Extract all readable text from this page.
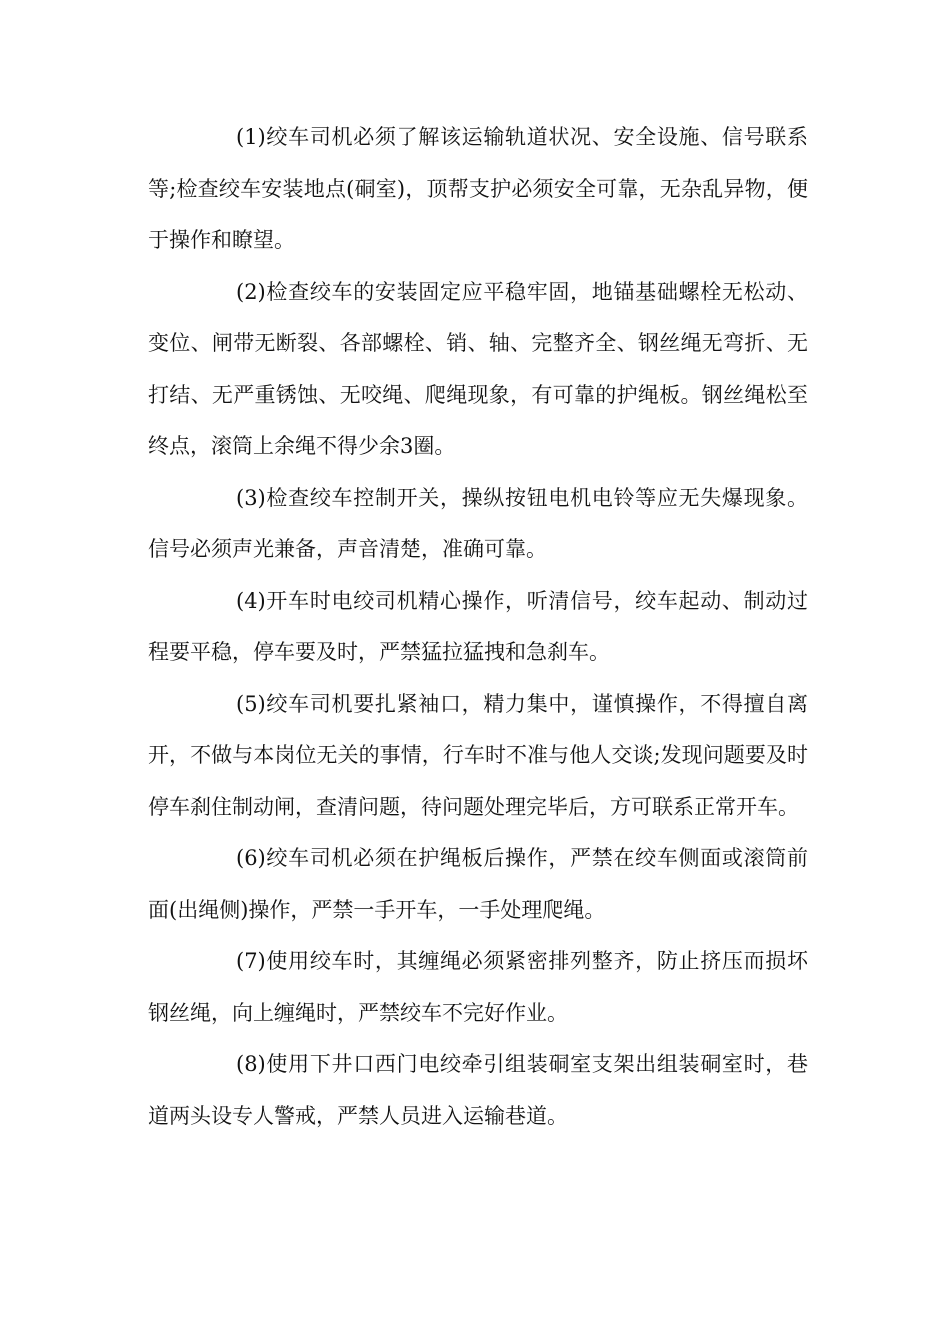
(1)绞车司机必须了解该运输轨道状况、安全设施、信号联系等;检查绞车安装地点(硐室)，顶帮支护必须安全可靠，无杂乱异物，便于操作和瞭望。

(2)检查绞车的安装固定应平稳牢固，地锚基础螺栓无松动、变位、闸带无断裂、各部螺栓、销、轴、完整齐全、钢丝绳无弯折、无打结、无严重锈蚀、无咬绳、爬绳现象，有可靠的护绳板。钢丝绳松至终点，滚筒上余绳不得少余3圈。

(3)检查绞车控制开关，操纵按钮电机电铃等应无失爆现象。信号必须声光兼备，声音清楚，准确可靠。

(4)开车时电绞司机精心操作，听清信号，绞车起动、制动过程要平稳，停车要及时，严禁猛拉猛拽和急刹车。

(5)绞车司机要扎紧袖口，精力集中，谨慎操作，不得擅自离开，不做与本岗位无关的事情，行车时不准与他人交谈;发现问题要及时停车刹住制动闸，查清问题，待问题处理完毕后，方可联系正常开车。

(6)绞车司机必须在护绳板后操作，严禁在绞车侧面或滚筒前面(出绳侧)操作，严禁一手开车，一手处理爬绳。

(7)使用绞车时，其缠绳必须紧密排列整齐，防止挤压而损坏钢丝绳，向上缠绳时，严禁绞车不完好作业。

(8)使用下井口西门电绞牵引组装硐室支架出组装硐室时，巷道两头设专人警戒，严禁人员进入运输巷道。
